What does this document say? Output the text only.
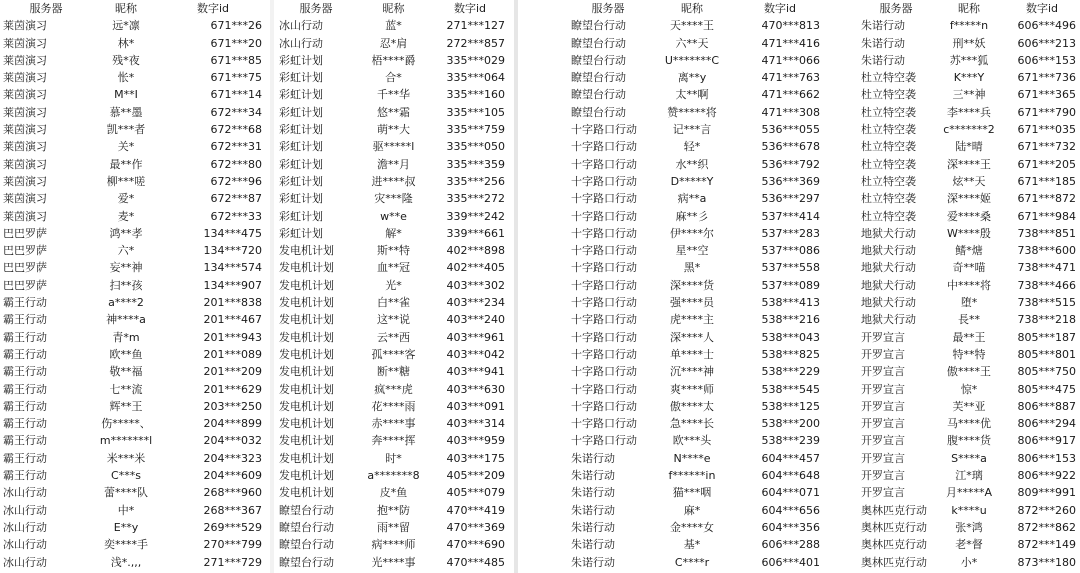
服务器	昵称	数字id
莱茵演习	远*凛	671***26
莱茵演习	林*	671***20
莱茵演习	残*夜	671***85
莱茵演习	怅*	671***75
莱茵演习	M**I	671***14
莱茵演习	慕**墨	672***34
莱茵演习	凯***者	672***68
莱茵演习	关*	672***31
莱茵演习	最**作	672***80
莱茵演习	柳***嗟	672***96
莱茵演习	爱*	672***87
莱茵演习	麦*	672***33
巴巴罗萨	鸿**孝	134***475
巴巴罗萨	六*	134***720
巴巴罗萨	妄**神	134***574
巴巴罗萨	扫**孩	134***907
霸王行动	a****2	201***838
霸王行动	神****a	201***467
霸王行动	青*m	201***943
霸王行动	欧**鱼	201***089
霸王行动	敬**福	201***209
霸王行动	七**流	201***629
霸王行动	辉**王	203***250
霸王行动	伤*****、	204***899
霸王行动	m*******l	204***032
霸王行动	米***米	204***323
霸王行动	C***s	204***609
冰山行动	蕾****队	268***960
冰山行动	中*	268***367
冰山行动	E**y	269***529
冰山行动	奕****手	270***799
冰山行动	浅*.,,,	271***729
服务器	昵称	数字id
冰山行动	蓝*	271***127
冰山行动	忍*肩	272***857
彩虹计划	梧****爵	335***029
彩虹计划	合*	335***064
彩虹计划	千**华	335***160
彩虹计划	悠**霜	335***105
彩虹计划	萌**大	335***759
彩虹计划	驱*****l	335***050
彩虹计划	澹**月	335***359
彩虹计划	进****叔	335***256
彩虹计划	灾***隆	335***272
彩虹计划	w**e	339***242
彩虹计划	解*	339***661
发电机计划	斯**特	402***898
发电机计划	血**冠	402***405
发电机计划	光*	403***302
发电机计划	白**雀	403***234
发电机计划	这**说	403***240
发电机计划	云**西	403***961
发电机计划	孤****客	403***042
发电机计划	断**糖	403***941
发电机计划	疯***虎	403***630
发电机计划	花****雨	403***091
发电机计划	赤****事	403***314
发电机计划	奔****挥	403***959
发电机计划	时*	403***175
发电机计划	a*******8	405***209
发电机计划	皮*鱼	405***079
瞭望台行动	抱**防	470***419
瞭望台行动	雨**留	470***369
瞭望台行动	病****师	470***690
瞭望台行动	光****事	470***485
服务器	昵称	数字id
瞭望台行动	天****王	470***813
瞭望台行动	六**天	471***416
瞭望台行动	U*******C	471***066
瞭望台行动	离**y	471***763
瞭望台行动	太**啊	471***662
瞭望台行动	赞*****将	471***308
十字路口行动	记***言	536***055
十字路口行动	轻*	536***678
十字路口行动	水**织	536***792
十字路口行动	D*****Y	536***369
十字路口行动	病**a	536***297
十字路口行动	麻**彡	537***414
十字路口行动	伊****尔	537***283
十字路口行动	星**空	537***086
十字路口行动	黑*	537***558
十字路口行动	深****货	537***089
十字路口行动	强****员	538***413
十字路口行动	虎****主	538***216
十字路口行动	深****人	538***043
十字路口行动	单****士	538***825
十字路口行动	沉****神	538***229
十字路口行动	爽****师	538***545
十字路口行动	傲****太	538***125
十字路口行动	急****长	538***200
十字路口行动	欧***头	538***239
朱诺行动	N****e	604***457
朱诺行动	f******in	604***648
朱诺行动	猫***咽	604***071
朱诺行动	麻*	604***656
朱诺行动	金****女	604***356
朱诺行动	基*	606***288
朱诺行动	C****r	606***401
服务器	昵称	数字id
朱诺行动	f*****n	606***496
朱诺行动	刑**妖	606***213
朱诺行动	苏***狐	606***153
杜立特空袭	K***Y	671***736
杜立特空袭	三**神	671***365
杜立特空袭	李****兵	671***790
杜立特空袭	c*******2	671***035
杜立特空袭	陆*晴	671***732
杜立特空袭	深****王	671***205
杜立特空袭	炫**天	671***185
杜立特空袭	深****姬	671***872
杜立特空袭	爱****桑	671***984
地狱犬行动	W****殷	738***851
地狱犬行动	鳍*煻	738***600
地狱犬行动	奇**喵	738***471
地狱犬行动	中****将	738***466
地狱犬行动	堕*	738***515
地狱犬行动	長**	738***218
开罗宣言	最**王	805***187
开罗宣言	特**特	805***801
开罗宣言	傲****王	805***750
开罗宣言	惊*	805***475
开罗宣言	芙**亚	806***887
开罗宣言	马****优	806***294
开罗宣言	腹****货	806***917
开罗宣言	S****a	806***153
开罗宣言	江*璃	806***922
开罗宣言	月*****A	809***991
奥林匹克行动	k****u	872***260
奥林匹克行动	张*鸿	872***862
奥林匹克行动	老*督	872***149
奥林匹克行动	小*	873***180
